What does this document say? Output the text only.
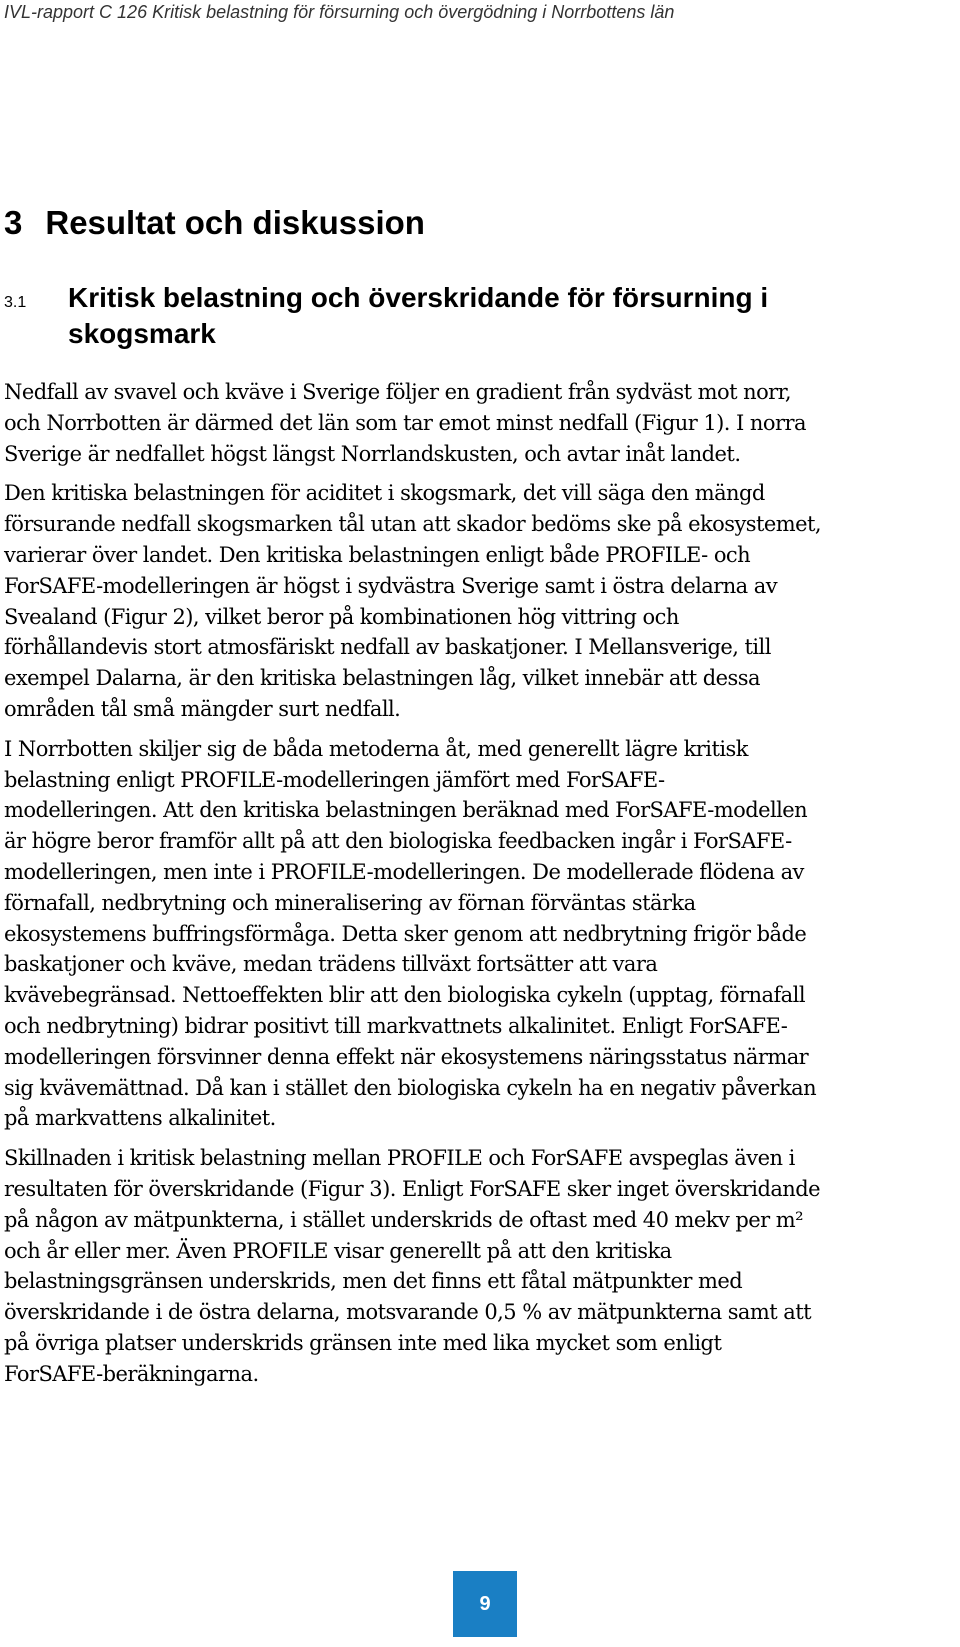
IVL-rapport C 126 Kritisk belastning för försurning och övergödning i Norrbottens län
3 Resultat och diskussion
3.1 Kritisk belastning och överskridande för försurning i skogsmark

Nedfall av svavel och kväve i Sverige följer en gradient från sydväst mot norr,
och Norrbotten är därmed det län som tar emot minst nedfall (Figur 1). I norra
Sverige är nedfallet högst längst Norrlandskusten, och avtar inåt landet.

Den kritiska belastningen för aciditet i skogsmark, det vill säga den mängd
försurande nedfall skogsmarken tål utan att skador bedöms ske på ekosystemet,
varierar över landet. Den kritiska belastningen enligt både PROFILE- och
ForSAFE-modelleringen är högst i sydvästra Sverige samt i östra delarna av
Svealand (Figur 2), vilket beror på kombinationen hög vittring och
förhållandevis stort atmosfäriskt nedfall av baskatjoner. I Mellansverige, till
exempel Dalarna, är den kritiska belastningen låg, vilket innebär att dessa
områden tål små mängder surt nedfall.

I Norrbotten skiljer sig de båda metoderna åt, med generellt lägre kritisk
belastning enligt PROFILE-modelleringen jämfört med ForSAFE-
modelleringen. Att den kritiska belastningen beräknad med ForSAFE-modellen
är högre beror framför allt på att den biologiska feedbacken ingår i ForSAFE-
modelleringen, men inte i PROFILE-modelleringen. De modellerade flödena av
förnafall, nedbrytning och mineralisering av förnan förväntas stärka
ekosystemens buffringsförmåga. Detta sker genom att nedbrytning frigör både
baskatjoner och kväve, medan trädens tillväxt fortsätter att vara
kvävebegränsad. Nettoeffekten blir att den biologiska cykeln (upptag, förnafall
och nedbrytning) bidrar positivt till markvattnets alkalinitet. Enligt ForSAFE-
modelleringen försvinner denna effekt när ekosystemens näringsstatus närmar
sig kvävemättnad. Då kan i stället den biologiska cykeln ha en negativ påverkan
på markvattens alkalinitet.

Skillnaden i kritisk belastning mellan PROFILE och ForSAFE avspeglas även i
resultaten för överskridande (Figur 3). Enligt ForSAFE sker inget överskridande
på någon av mätpunkterna, i stället underskrids de oftast med 40 mekv per m²
och år eller mer. Även PROFILE visar generellt på att den kritiska
belastningsgränsen underskrids, men det finns ett fåtal mätpunkter med
överskridande i de östra delarna, motsvarande 0,5 % av mätpunkterna samt att
på övriga platser underskrids gränsen inte med lika mycket som enligt
ForSAFE-beräkningarna.

9
